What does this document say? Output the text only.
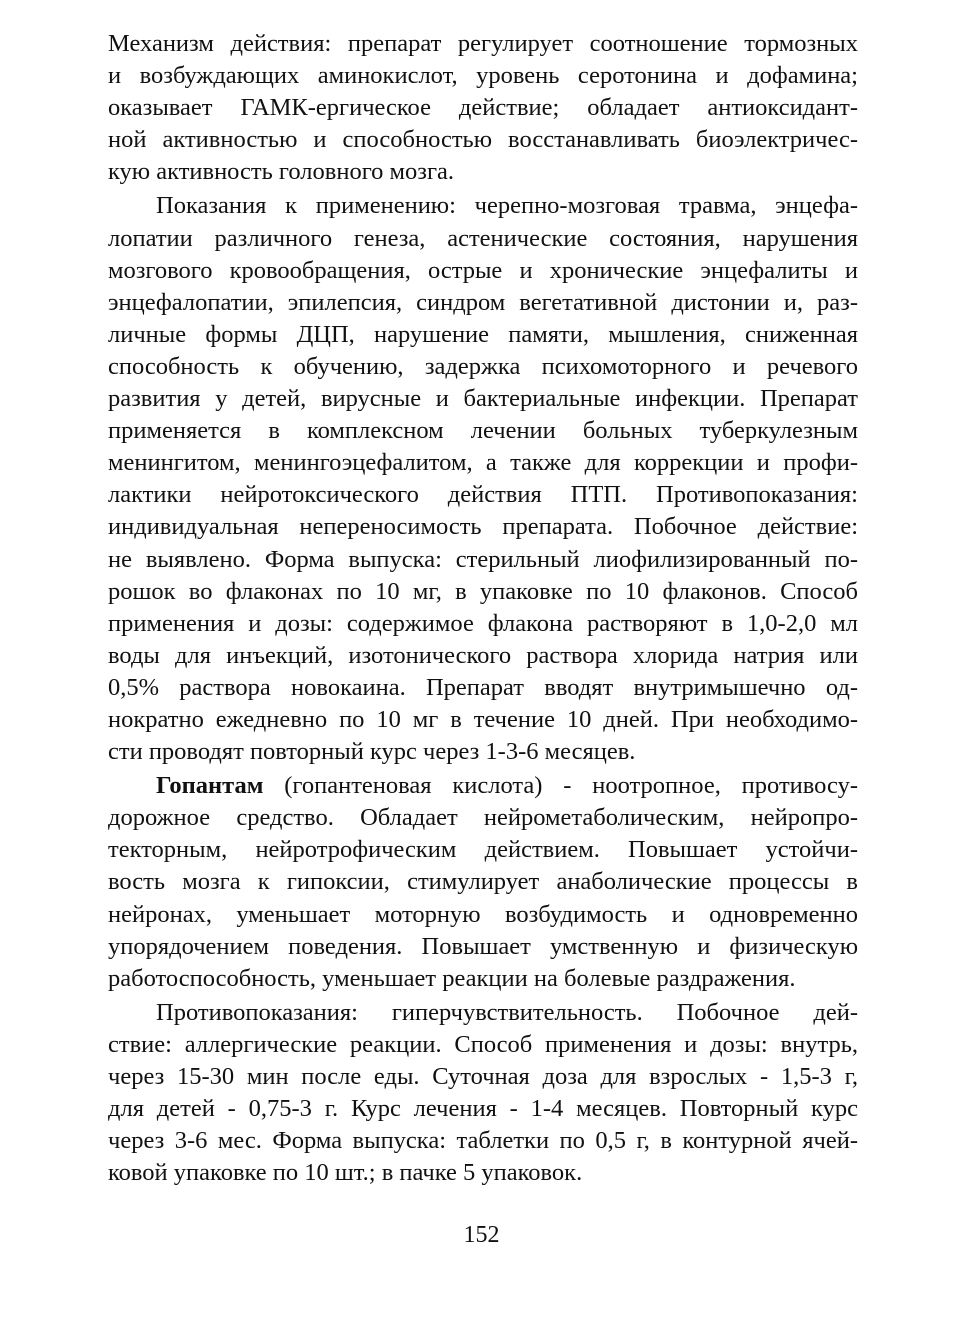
Механизм действия: препарат регулирует соотношение тормозных
и возбуждающих аминокислот, уровень серотонина и дофамина;
оказывает ГАМК-ергическое действие; обладает антиоксидант-
ной активностью и способностью восстанавливать биоэлектричес-
кую активность головного мозга.
Показания к применению: черепно-мозговая травма, энцефа-
лопатии различного генеза, астенические состояния, нарушения
мозгового кровообращения, острые и хронические энцефалиты и
энцефалопатии, эпилепсия, синдром вегетативной дистонии и, раз-
личные формы ДЦП, нарушение памяти, мышления, сниженная
способность к обучению, задержка психомоторного и речевого
развития у детей, вирусные и бактериальные инфекции. Препарат
применяется в комплексном лечении больных туберкулезным
менингитом, менингоэцефалитом, а также для коррекции и профи-
лактики нейротоксического действия ПТП. Противопоказания:
индивидуальная непереносимость препарата. Побочное действие:
не выявлено. Форма выпуска: стерильный лиофилизированный по-
рошок во флаконах по 10 мг, в упаковке по 10 флаконов. Способ
применения и дозы: содержимое флакона растворяют в 1,0-2,0 мл
воды для инъекций, изотонического раствора хлорида натрия или
0,5% раствора новокаина. Препарат вводят внутримышечно од-
нократно ежедневно по 10 мг в течение 10 дней. При необходимо-
сти проводят повторный курс через 1-3-6 месяцев.
Гопантам (гопантеновая кислота) - ноотропное, противосу-
дорожное средство. Обладает нейрометаболическим, нейропро-
текторным, нейротрофическим действием. Повышает устойчи-
вость мозга к гипоксии, стимулирует анаболические процессы в
нейронах, уменьшает моторную возбудимость и одновременно
упорядочением поведения. Повышает умственную и физическую
работоспособность, уменьшает реакции на болевые раздражения.
Противопоказания: гиперчувствительность. Побочное дей-
ствие: аллергические реакции. Способ применения и дозы: внутрь,
через 15-30 мин после еды. Суточная доза для взрослых - 1,5-3 г,
для детей - 0,75-3 г. Курс лечения - 1-4 месяцев. Повторный курс
через 3-6 мес. Форма выпуска: таблетки по 0,5 г, в контурной ячей-
ковой упаковке по 10 шт.; в пачке 5 упаковок.
152
